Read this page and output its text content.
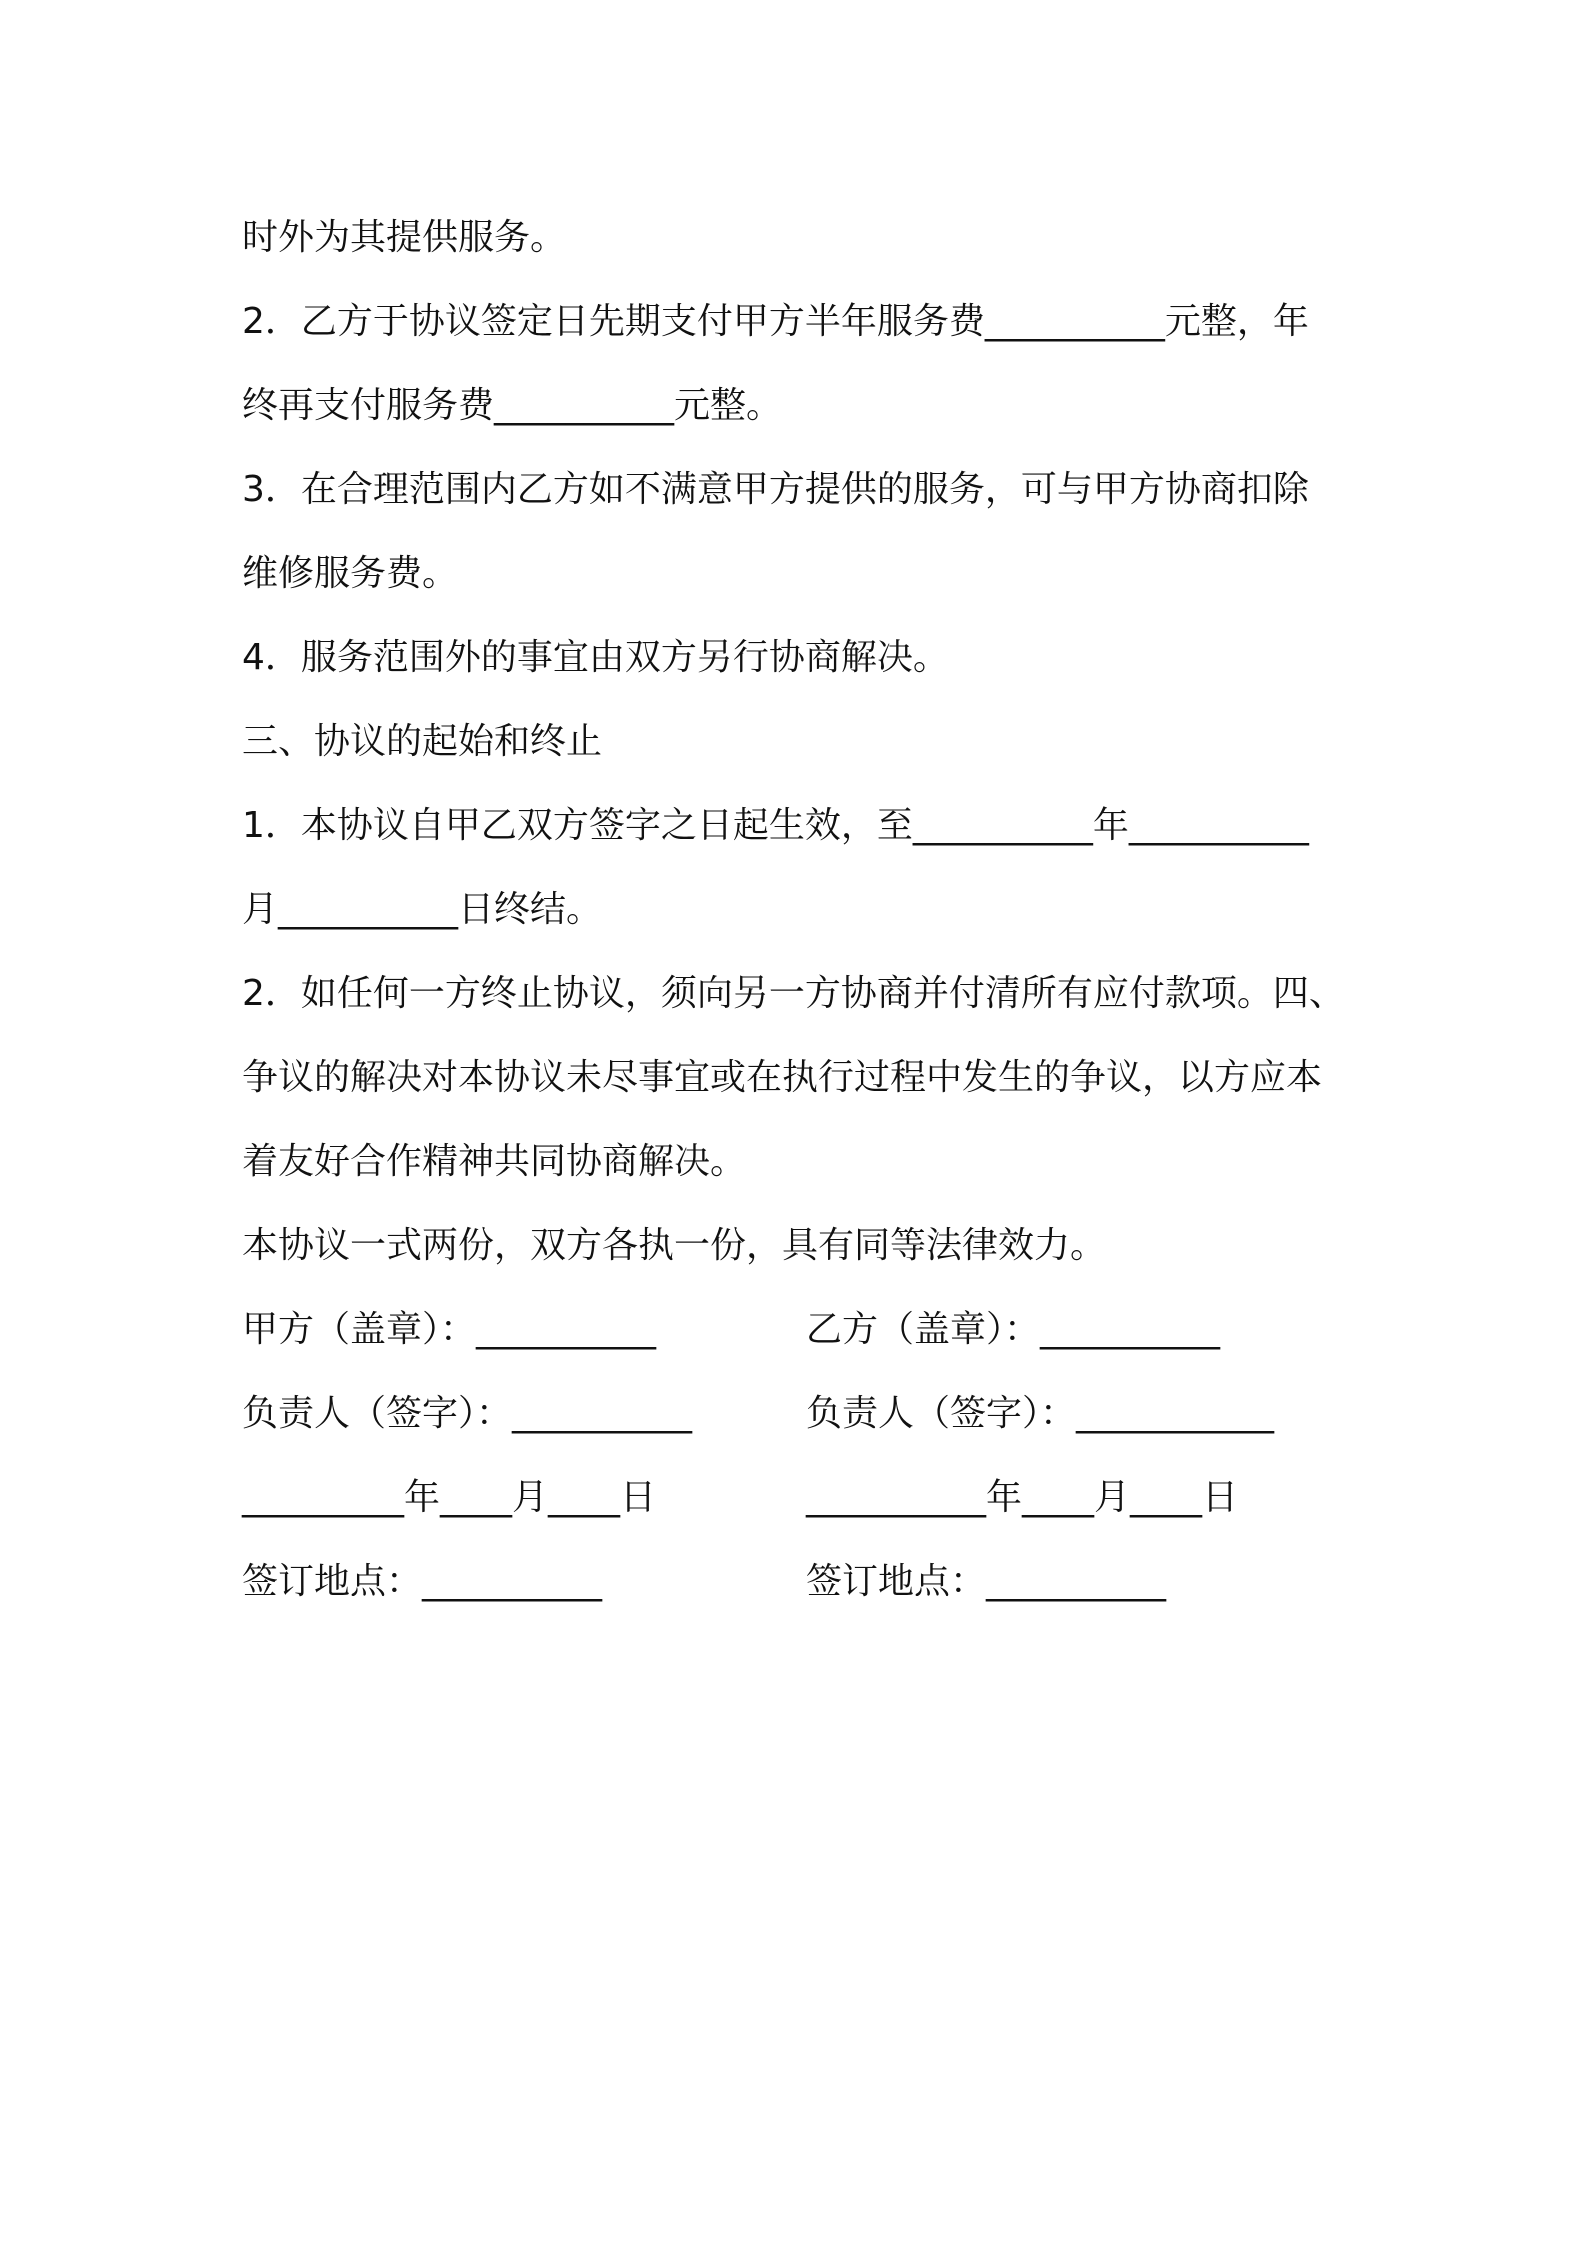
时外为其提供服务。
2．乙方于协议签定日先期支付甲方半年服务费__________元整，年
终再支付服务费__________元整。
3．在合理范围内乙方如不满意甲方提供的服务，可与甲方协商扣除
维修服务费。
4．服务范围外的事宜由双方另行协商解决。
三、协议的起始和终止
1．本协议自甲乙双方签字之日起生效，至__________年__________
月__________日终结。
2．如任何一方终止协议，须向另一方协商并付清所有应付款项。四、
争议的解决对本协议未尽事宜或在执行过程中发生的争议，以方应本
着友好合作精神共同协商解决。
本协议一式两份，双方各执一份，具有同等法律效力。
甲方（盖章）：__________	乙方（盖章）：__________
负责人（签字）：__________	负责人（签字）：___________
_________年____月____日	__________年____月____日
签订地点：__________	签订地点：__________
